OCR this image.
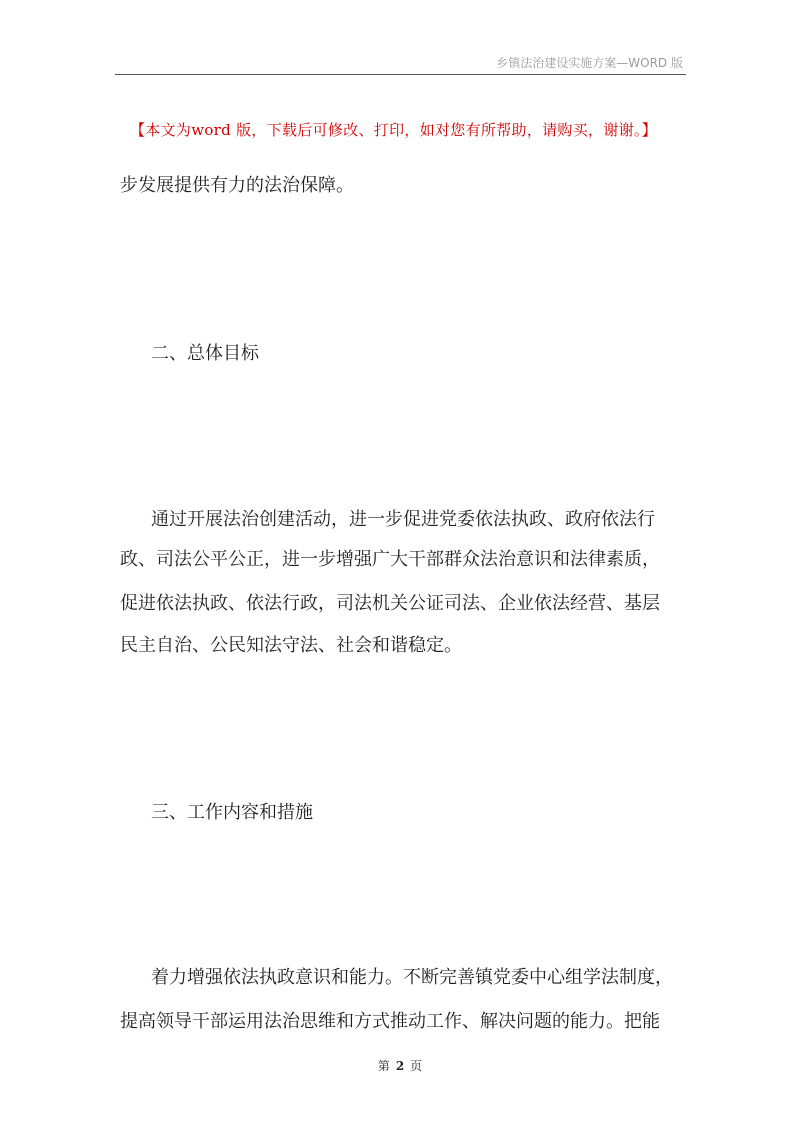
乡镇法治建设实施方案—WORD 版
【本文为word 版，下载后可修改、打印，如对您有所帮助，请购买，谢谢。】
步发展提供有力的法治保障。
二、总体目标
通过开展法治创建活动，进一步促进党委依法执政、政府依法行
政、司法公平公正，进一步增强广大干部群众法治意识和法律素质，
促进依法执政、依法行政，司法机关公证司法、企业依法经营、基层
民主自治、公民知法守法、社会和谐稳定。
三、工作内容和措施
着力增强依法执政意识和能力。不断完善镇党委中心组学法制度，
提高领导干部运用法治思维和方式推动工作、解决问题的能力。把能
第 2 页
